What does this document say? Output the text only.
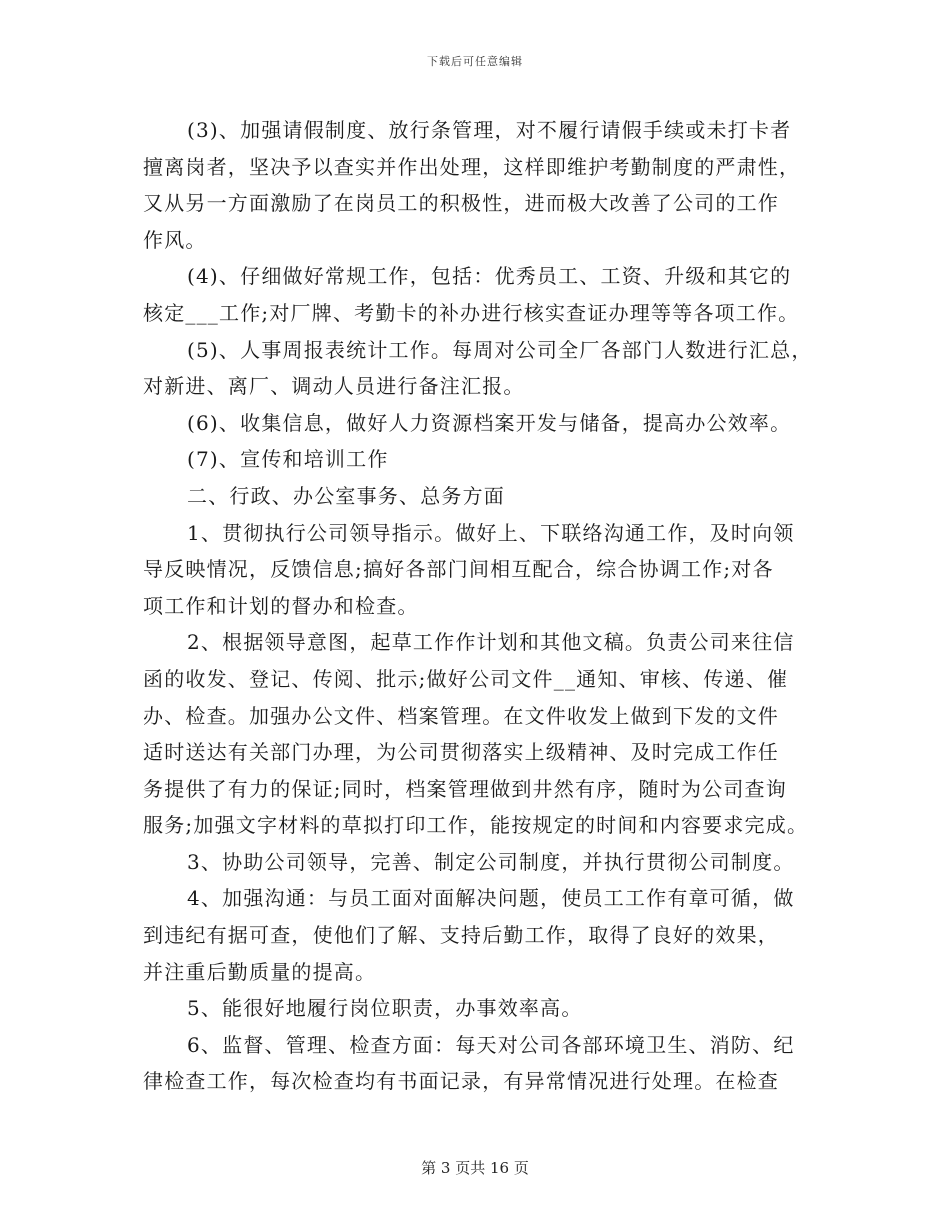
下载后可任意编辑
(3)、加强请假制度、放行条管理，对不履行请假手续或未打卡者
擅离岗者，坚决予以查实并作出处理，这样即维护考勤制度的严肃性，
又从另一方面激励了在岗员工的积极性，进而极大改善了公司的工作
作风。
(4)、仔细做好常规工作，包括：优秀员工、工资、升级和其它的
核定___工作;对厂牌、考勤卡的补办进行核实查证办理等等各项工作。
(5)、人事周报表统计工作。每周对公司全厂各部门人数进行汇总，
对新进、离厂、调动人员进行备注汇报。
(6)、收集信息，做好人力资源档案开发与储备，提高办公效率。
(7)、宣传和培训工作
二、行政、办公室事务、总务方面
1、贯彻执行公司领导指示。做好上、下联络沟通工作，及时向领
导反映情况，反馈信息;搞好各部门间相互配合，综合协调工作;对各
项工作和计划的督办和检查。
2、根据领导意图，起草工作作计划和其他文稿。负责公司来往信
函的收发、登记、传阅、批示;做好公司文件__通知、审核、传递、催
办、检查。加强办公文件、档案管理。在文件收发上做到下发的文件
适时送达有关部门办理，为公司贯彻落实上级精神、及时完成工作任
务提供了有力的保证;同时，档案管理做到井然有序，随时为公司查询
服务;加强文字材料的草拟打印工作，能按规定的时间和内容要求完成。
3、协助公司领导，完善、制定公司制度，并执行贯彻公司制度。
4、加强沟通：与员工面对面解决问题，使员工工作有章可循，做
到违纪有据可查，使他们了解、支持后勤工作，取得了良好的效果，
并注重后勤质量的提高。
5、能很好地履行岗位职责，办事效率高。
6、监督、管理、检查方面：每天对公司各部环境卫生、消防、纪
律检查工作，每次检查均有书面记录，有异常情况进行处理。在检查
第 3 页共 16 页
